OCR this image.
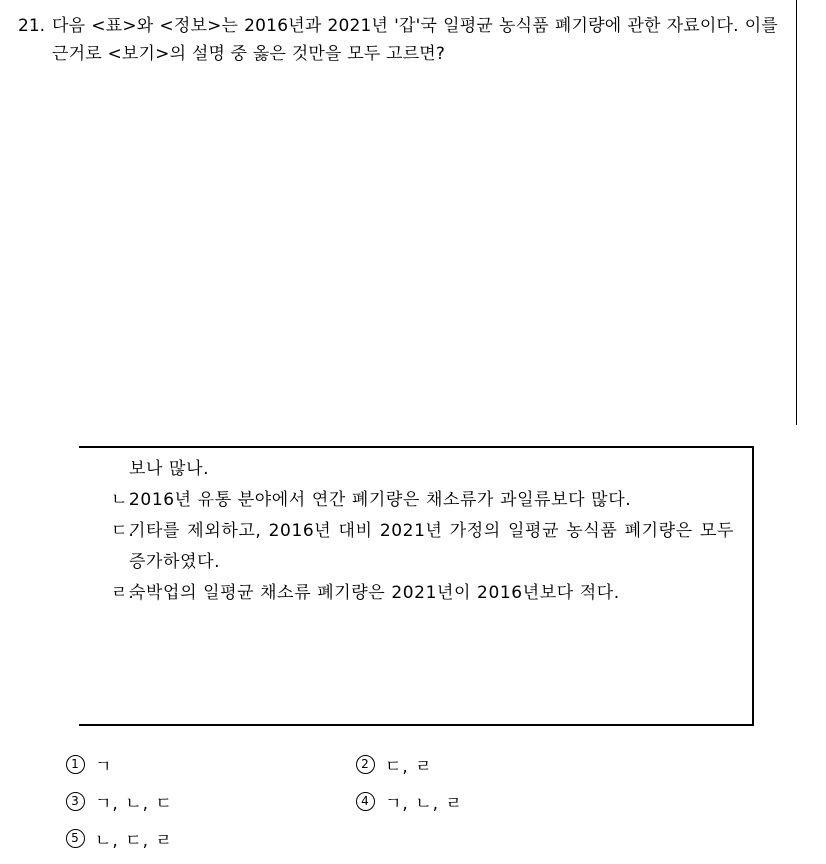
21. 다음 <표>와 <정보>는 2016년과 2021년 '갑'국 일평균 농식품 폐기량에 관한 자료이다. 이를 근거로 <보기>의 설명 중 옳은 것만을 모두 고르면?
보나 많나.
ㄴ.
2016년 유통 분야에서 연간 폐기량은 채소류가 과일류보다 많다.
ㄷ.
기타를 제외하고, 2016년 대비 2021년 가정의 일평균 농식품 폐기량은 모두 증가하였다.
ㄹ.
숙박업의 일평균 채소류 폐기량은 2021년이 2016년보다 적다.
1 ㄱ	2 ㄷ, ㄹ
3 ㄱ, ㄴ, ㄷ	4 ㄱ, ㄴ, ㄹ
5 ㄴ, ㄷ, ㄹ
